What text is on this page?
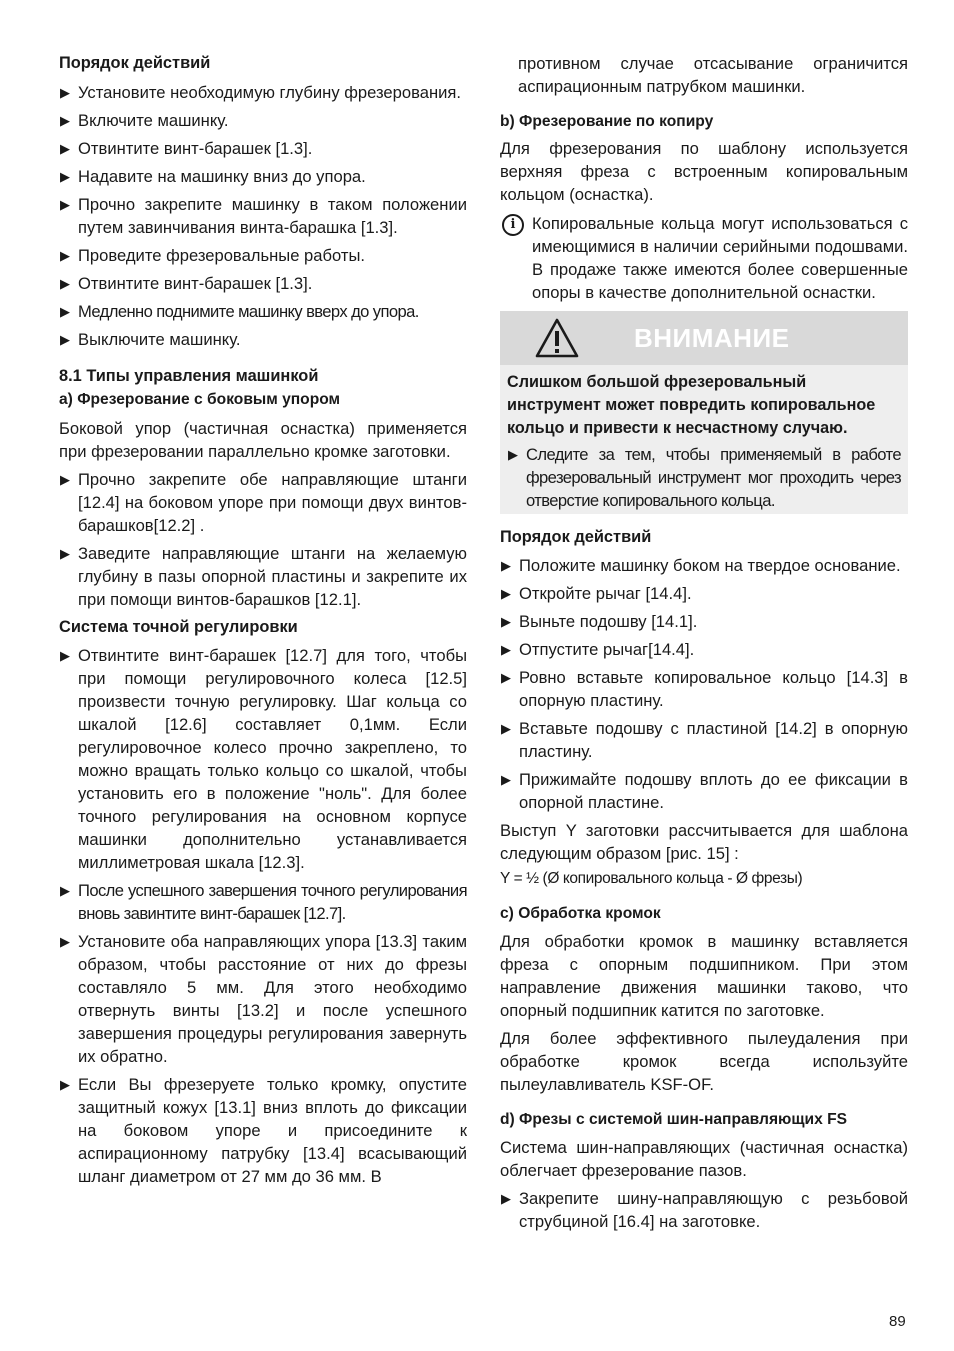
Порядок действий
▶ Установите необходимую глубину фрезерования.
▶ Включите машинку.
▶ Отвинтите винт-барашек [1.3].
▶ Надавите на машинку вниз до упора.
▶ Прочно закрепите машинку в таком положении путем завинчивания винта-барашка [1.3].
▶ Проведите фрезеровальные работы.
▶ Отвинтите винт-барашек [1.3].
▶ Медленно поднимите машинку вверх до упора.
▶ Выключите машинку.
8.1 Типы управления машинкой
a) Фрезерование с боковым упором
Боковой упор (частичная оснастка) применяется при фрезеровании параллельно кромке заготовки.
▶ Прочно закрепите обе направляющие штанги [12.4] на боковом упоре при помощи двух винтов-барашков[12.2] .
▶ Заведите направляющие штанги на желаемую глубину в пазы опорной пластины и закрепите их при помощи винтов-барашков [12.1].
Система точной регулировки
▶ Отвинтите винт-барашек [12.7] для того, чтобы при помощи регулировочного колеса [12.5] произвести точную регулировку. Шаг кольца со шкалой [12.6] составляет 0,1мм. Если регулировочное колесо прочно закреплено, то можно вращать только кольцо со шкалой, чтобы установить его в положение "ноль". Для более точного регулирования на основном корпусе машинки дополнительно устанавливается миллиметровая шкала [12.3].
▶ После успешного завершения точного регулирования вновь завинтите винт-барашек [12.7].
▶ Установите оба направляющих упора [13.3] таким образом, чтобы расстояние от них до фрезы составляло 5 мм. Для этого необходимо отвернуть винты [13.2] и после успешного завершения процедуры регулирования завернуть их обратно.
▶ Если Вы фрезеруете только кромку, опустите защитный кожух [13.1] вниз вплоть до фиксации на боковом упоре и присоедините к аспирационному патрубку [13.4] всасывающий шланг диаметром от 27 мм до 36 мм. В
противном случае отсасывание ограничится аспирационным патрубком машинки.
b) Фрезерование по копиру
Для фрезерования по шаблону используется верхняя фреза с встроенным копировальным кольцом (оснастка).
i Копировальные кольца могут использоваться с имеющимися в наличии серийными подошвами. В продаже также имеются более совершенные опоры в качестве дополнительной оснастки.
ВНИМАНИЕ
Слишком большой фрезеровальный инструмент может повредить копировальное кольцо и привести к несчастному случаю.
▶ Следите за тем, чтобы применяемый в работе фрезеровальный инструмент мог проходить через отверстие копировального кольца.
Порядок действий
▶ Положите машинку боком на твердое основание.
▶ Откройте рычаг [14.4].
▶ Выньте подошву [14.1].
▶ Отпустите рычаг[14.4].
▶ Ровно вставьте копировальное кольцо [14.3] в опорную пластину.
▶ Вставьте подошву с пластиной [14.2] в опорную пластину.
▶ Прижимайте подошву вплоть до ее фиксации в опорной пластине.
Выступ Y заготовки рассчитывается для шаблона следующим образом [рис. 15] :
Y = ½ (Ø копировального кольца - Ø фрезы)
c) Обработка кромок
Для обработки кромок в машинку вставляется фреза с опорным подшипником. При этом направление движения машинки таково, что опорный подшипник катится по заготовке.
Для более эффективного пылеудаления при обработке кромок всегда используйте пылеулавливатель KSF-OF.
d) Фрезы с системой шин-направляющих FS
Система шин-направляющих (частичная оснастка) облегчает фрезерование пазов.
▶ Закрепите шину-направляющую с резьбовой струбциной [16.4] на заготовке.
89
